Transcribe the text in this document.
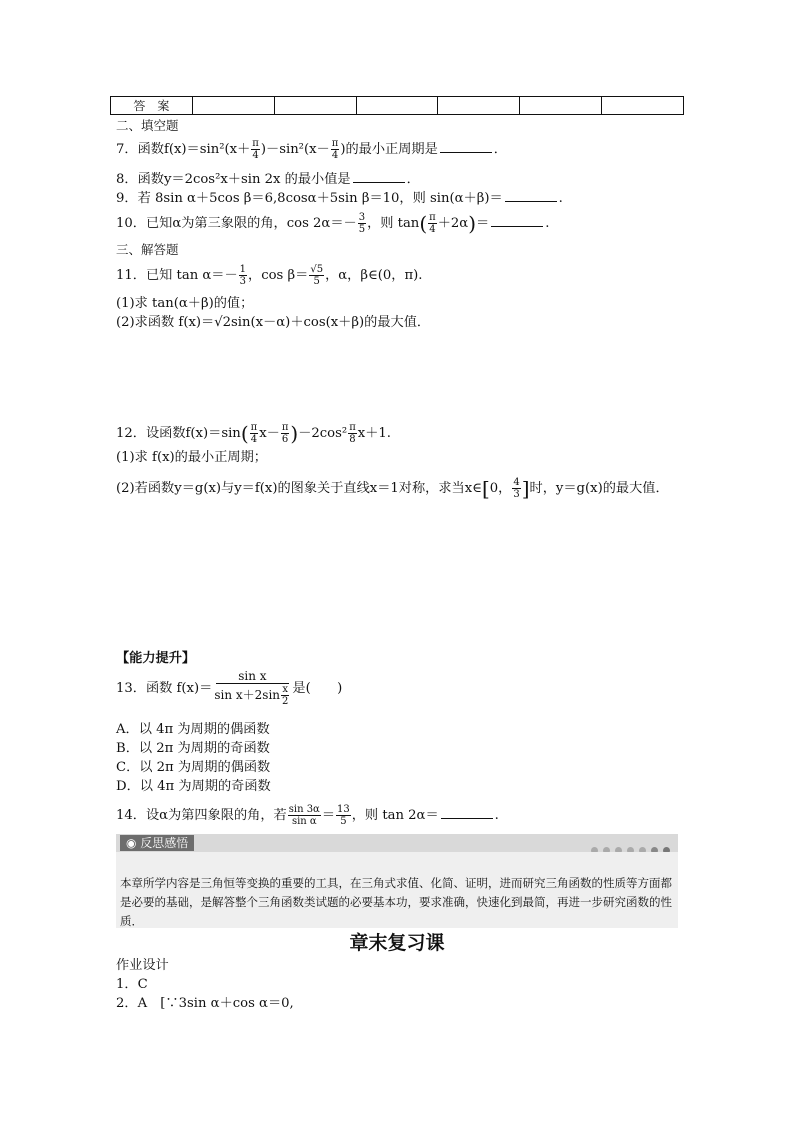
答　案						
二、填空题
7．函数$f(x)=\sin^2(x+ \frac{\pi}{4} )-\sin^2(x- \frac{\pi}{4}$ )的最小正周期是	．
8．函数y＝2cos²x＋sin 2x 的最小值是	．
9．若 8sin α＋5cos β＝6,8cosα＋5sin β＝10，则 sin(α＋β)＝	.
10．已知α为第三象限的角，$\cos 2\alpha=- \frac{3}{5}$ ，则 $\tan( \frac{\pi}{4} +2\alpha)=$	.
三、解答题
11．已知 $\tan \alpha=- \frac{1}{3}$ ，$\cos \beta= \frac{√5}{5}$ ，α，β∈(0，π).
(1)求 tan(α＋β)的值；
(2)求函数 f(x)＝√2sin(x－α)＋cos(x＋β)的最大值．
12．设函数$f(x)=\sin( \frac{\pi}{4} x- \frac{\pi}{6} )-2\cos^2 \frac{\pi}{8} x+1$.
(1)求 f(x)的最小正周期；
(2)若函数y＝g(x)与y＝f(x)的图象关于直线x＝1对称，求当x∈[0， $\frac{4}{3}$ ]时，y＝g(x)的最大值．
【能力提升】
13．函数 $f(x)= \frac{\text{sin x}}{\sin x+2\sin \frac{x}{2}}$ 是(　　)
A．以 4π 为周期的偶函数
B．以 2π 为周期的奇函数
C．以 2π 为周期的偶函数
D．以 4π 为周期的奇函数
14．设α为第四象限的角，若 $\frac{\sin 3\alpha}{\text{sin α}} = \frac{13}{5}$ ，则 tan 2α＝	.
◉ 反思感悟
本章所学内容是三角恒等变换的重要的工具，在三角式求值、化简、证明，进而研究三角函数的性质等方面都是必要的基础，是解答整个三角函数类试题的必要基本功，要求准确，快速化到最简，再进一步研究函数的性质．
章末复习课
作业设计
1．C
2．A　[∵3sin α＋cos α＝0,
